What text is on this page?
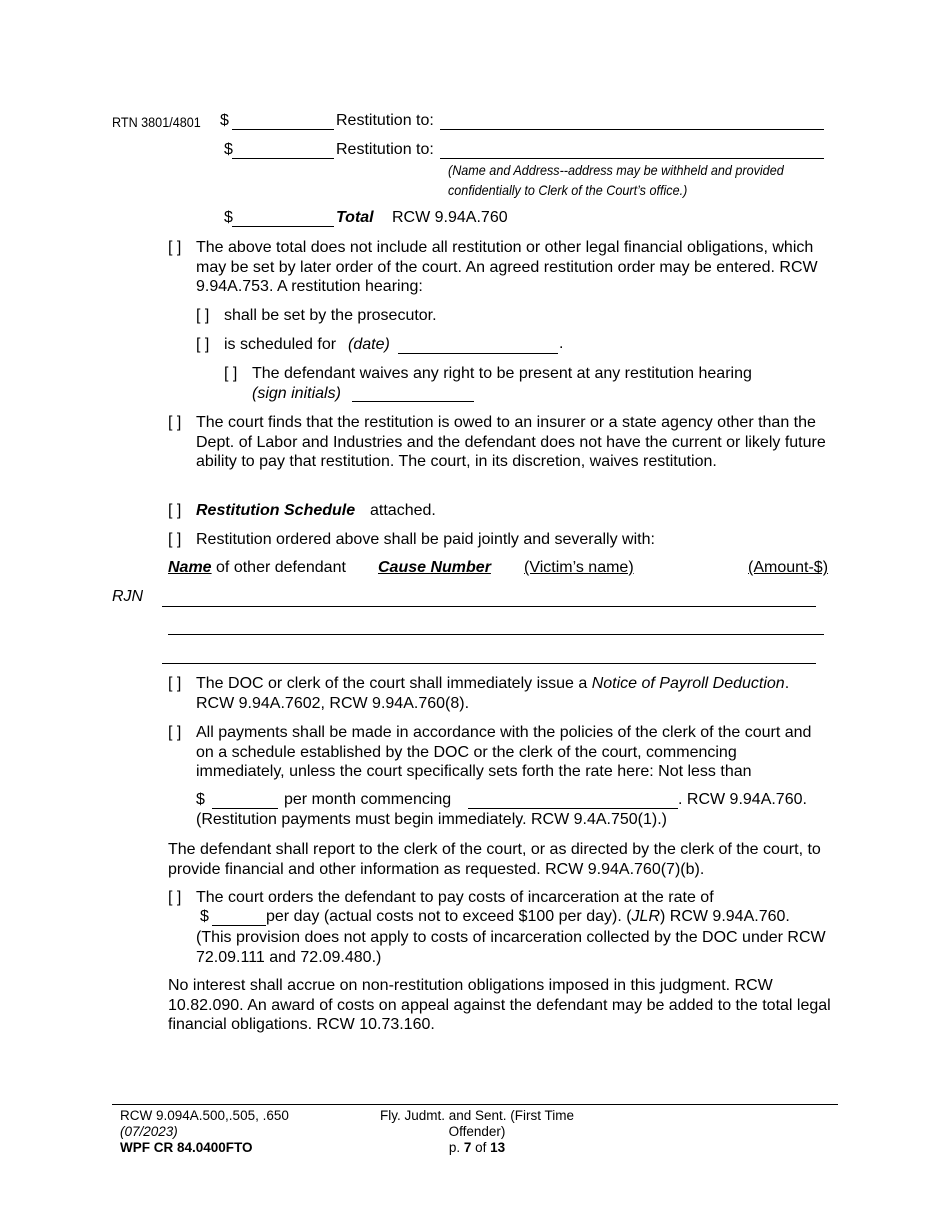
RTN 3801/4801 $	Restitution to:
$	Restitution to:
(Name and Address--address may be withheld and provided confidentially to Clerk of the Court’s office.)
$	Total RCW 9.94A.760
[ ] The above total does not include all restitution or other legal financial obligations, which may be set by later order of the court. An agreed restitution order may be entered. RCW 9.94A.753. A restitution hearing:
[ ] shall be set by the prosecutor.
[ ] is scheduled for (date)	.
[ ] The defendant waives any right to be present at any restitution hearing
(sign initials)
[ ] The court finds that the restitution is owed to an insurer or a state agency other than the Dept. of Labor and Industries and the defendant does not have the current or likely future ability to pay that restitution. The court, in its discretion, waives restitution.
[ ] Restitution Schedule attached.
[ ] Restitution ordered above shall be paid jointly and severally with:
Name of other defendant Cause Number (Victim’s name)	(Amount-$)
RJN
[ ] The DOC or clerk of the court shall immediately issue a Notice of Payroll Deduction.
RCW 9.94A.7602, RCW 9.94A.760(8).
[ ] All payments shall be made in accordance with the policies of the clerk of the court and on a schedule established by the DOC or the clerk of the court, commencing immediately, unless the court specifically sets forth the rate here: Not less than
$	per month commencing	. RCW 9.94A.760.
(Restitution payments must begin immediately. RCW 9.4A.750(1).)
The defendant shall report to the clerk of the court, or as directed by the clerk of the court, to provide financial and other information as requested. RCW 9.94A.760(7)(b).
[ ] The court orders the defendant to pay costs of incarceration at the rate of
$	per day (actual costs not to exceed $100 per day). (JLR) RCW 9.94A.760.
(This provision does not apply to costs of incarceration collected by the DOC under RCW 72.09.111 and 72.09.480.)
No interest shall accrue on non-restitution obligations imposed in this judgment. RCW 10.82.090. An award of costs on appeal against the defendant may be added to the total legal financial obligations. RCW 10.73.160.
RCW 9.094A.500,.505, .650
(07/2023)
WPF CR 84.0400FTO
Fly. Judmt. and Sent. (First Time
Offender)
p. 7 of 13
